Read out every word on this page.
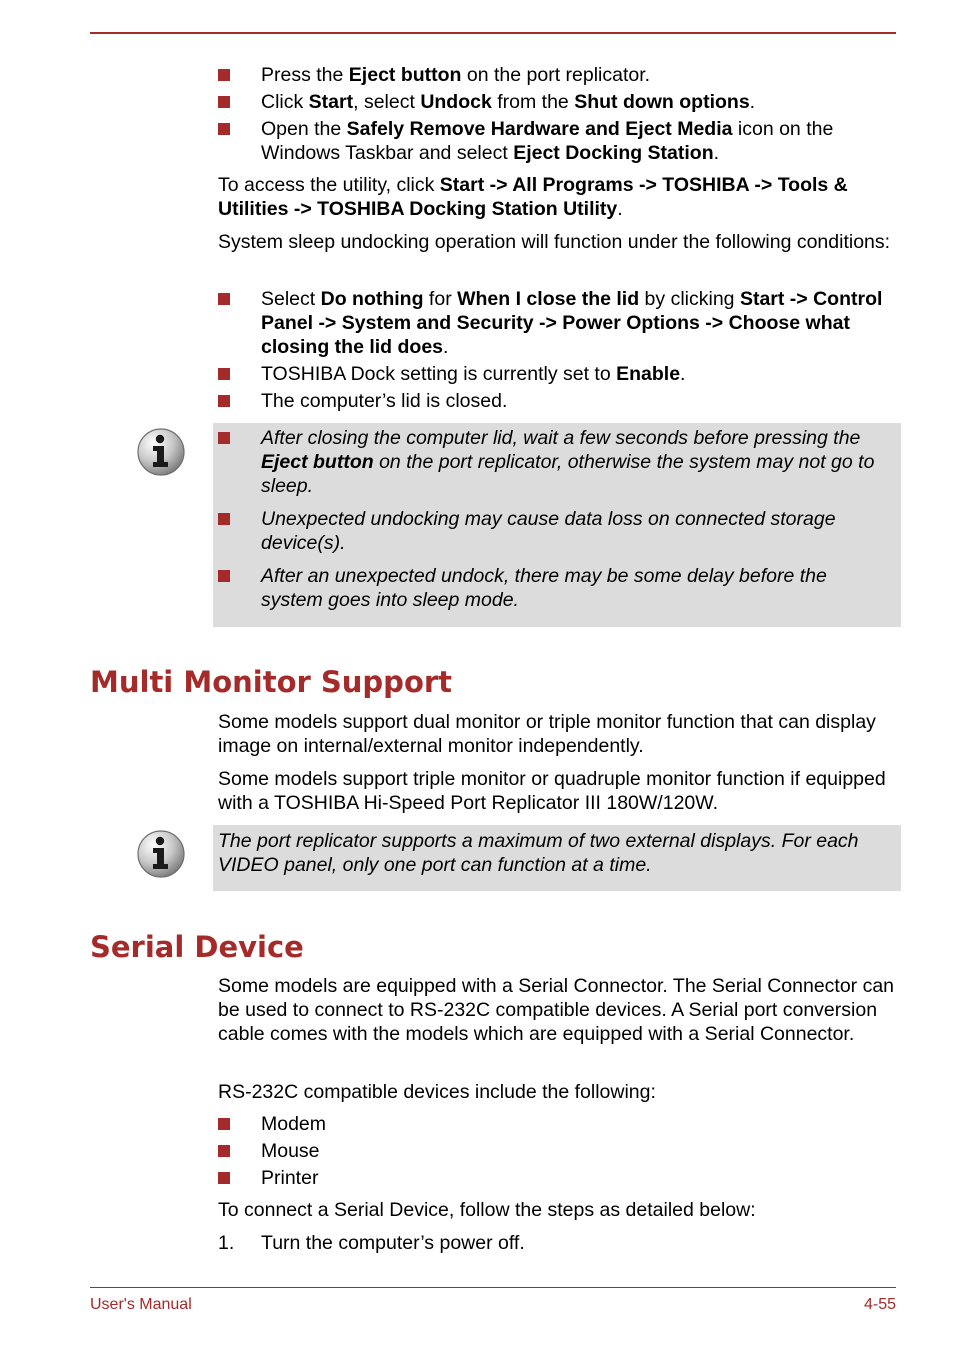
Press the Eject button on the port replicator.
Click Start, select Undock from the Shut down options.
Open the Safely Remove Hardware and Eject Media icon on the Windows Taskbar and select Eject Docking Station.

To access the utility, click Start -> All Programs -> TOSHIBA -> Tools & Utilities -> TOSHIBA Docking Station Utility.

System sleep undocking operation will function under the following conditions:

Select Do nothing for When I close the lid by clicking Start -> Control Panel -> System and Security -> Power Options -> Choose what closing the lid does.
TOSHIBA Dock setting is currently set to Enable.
The computer’s lid is closed.
After closing the computer lid, wait a few seconds before pressing the Eject button on the port replicator, otherwise the system may not go to sleep.
Unexpected undocking may cause data loss on connected storage device(s).
After an unexpected undock, there may be some delay before the system goes into sleep mode.
Multi Monitor Support

Some models support dual monitor or triple monitor function that can display image on internal/external monitor independently.

Some models support triple monitor or quadruple monitor function if equipped with a TOSHIBA Hi-Speed Port Replicator III 180W/120W.

The port replicator supports a maximum of two external displays. For each VIDEO panel, only one port can function at a time.

Serial Device

Some models are equipped with a Serial Connector. The Serial Connector can be used to connect to RS-232C compatible devices. A Serial port conversion cable comes with the models which are equipped with a Serial Connector.

RS-232C compatible devices include the following:

Modem
Mouse
Printer

To connect a Serial Device, follow the steps as detailed below:

1. Turn the computer’s power off.
User's Manual	4-55
